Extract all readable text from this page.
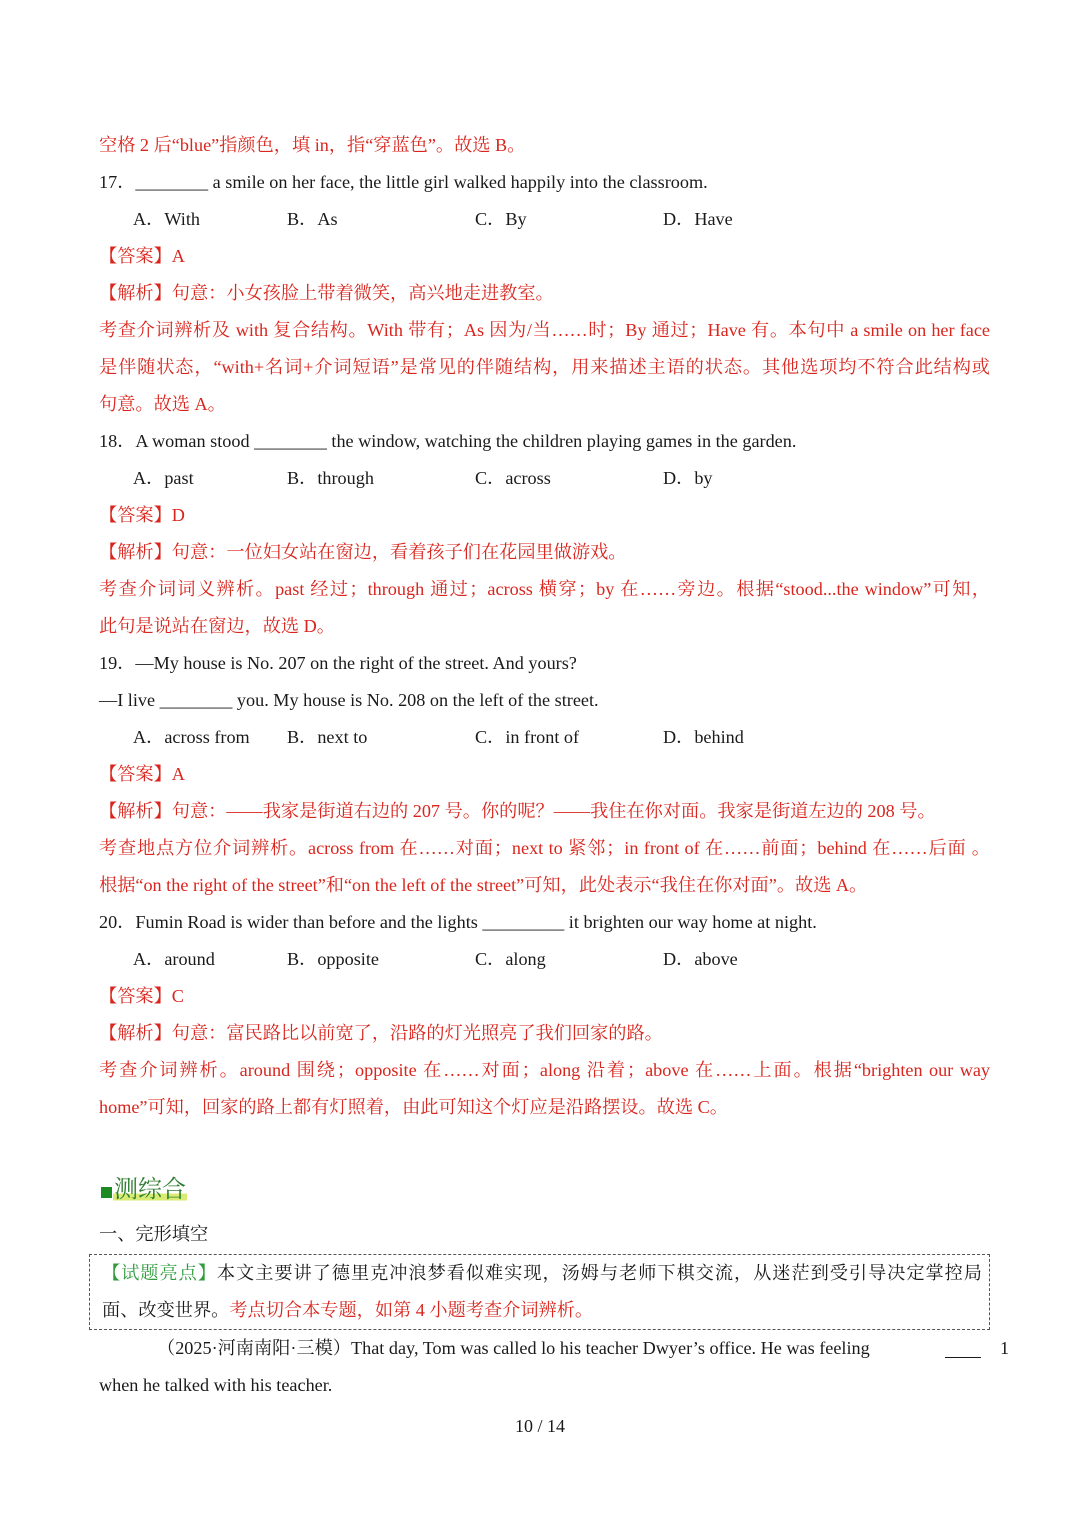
空格 2 后“blue”指颜色，填 in，指“穿蓝色”。故选 B。
17．________ a smile on her face, the little girl walked happily into the classroom.
A．With	B．As	C．By	D．Have
【答案】A
【解析】句意：小女孩脸上带着微笑，高兴地走进教室。
考查介词辨析及 with 复合结构。With 带有；As 因为/当……时；By 通过；Have 有。本句中 a smile on her face
是伴随状态，“with+名词+介词短语”是常见的伴随结构，用来描述主语的状态。其他选项均不符合此结构或
句意。故选 A。
18．A woman stood ________ the window, watching the children playing games in the garden.
A．past	B．through	C．across	D．by
【答案】D
【解析】句意：一位妇女站在窗边，看着孩子们在花园里做游戏。
考查介词词义辨析。past 经过；through 通过；across 横穿；by 在……旁边。根据“stood...the window”可知，
此句是说站在窗边，故选 D。
19．—My house is No. 207 on the right of the street. And yours?
—I live ________ you. My house is No. 208 on the left of the street.
A．across from B．next to	C．in front of	D．behind
【答案】A
【解析】句意：——我家是街道右边的 207 号。你的呢？——我住在你对面。我家是街道左边的 208 号。
考查地点方位介词辨析。across from 在……对面；next to 紧邻；in front of 在……前面；behind 在……后面 。
根据“on the right of the street”和“on the left of the street”可知，此处表示“我住在你对面”。故选 A。
20．Fumin Road is wider than before and the lights _________ it brighten our way home at night.
A．around	B．opposite	C．along	D．above
【答案】C
【解析】句意：富民路比以前宽了，沿路的灯光照亮了我们回家的路。
考查介词辨析。around 围绕；opposite 在……对面；along 沿着；above 在……上面。根据“brighten our way
home”可知，回家的路上都有灯照着，由此可知这个灯应是沿路摆设。故选 C。
测综合
一、完形填空
【试题亮点】本文主要讲了德里克冲浪梦看似难实现，汤姆与老师下棋交流，从迷茫到受引导决定掌控局
面、改变世界。考点切合本专题，如第 4 小题考查介词辨析。
（2025·河南南阳·三模）That day, Tom was called lo his teacher Dwyer’s office. He was feeling	1
when he talked with his teacher.
10 / 14
